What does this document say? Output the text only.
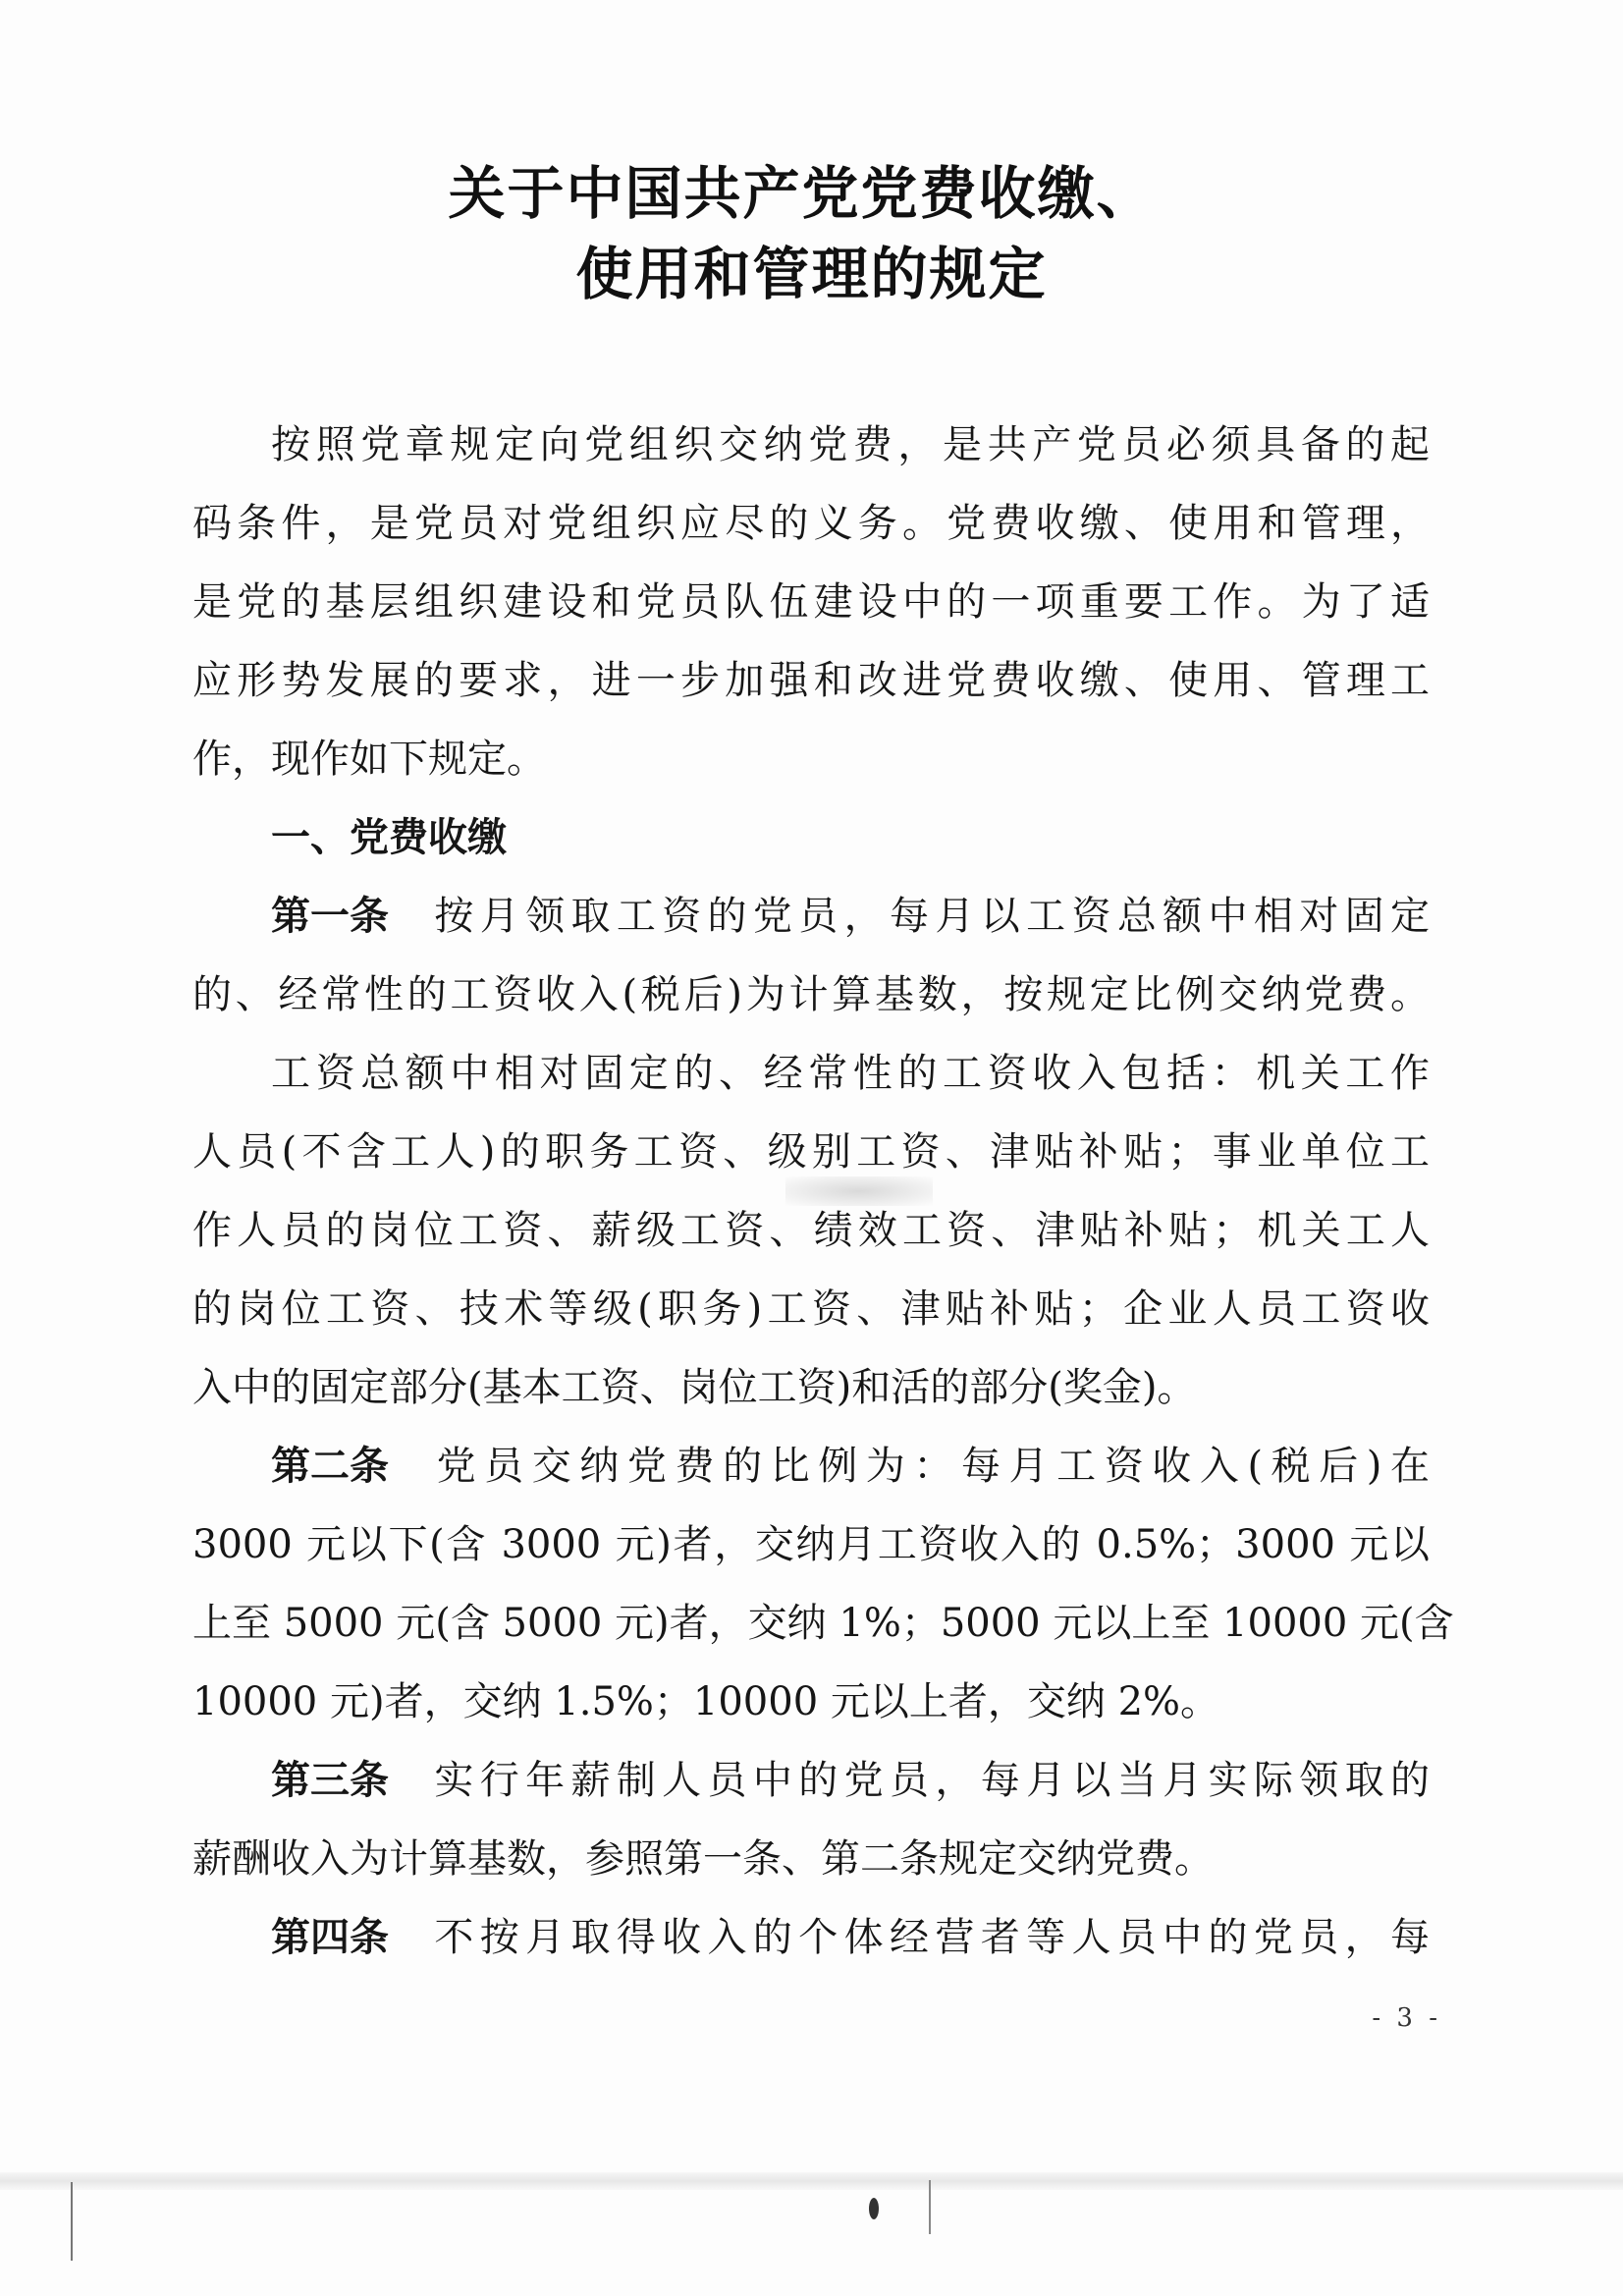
关于中国共产党党费收缴、
使用和管理的规定
按照党章规定向党组织交纳党费，是共产党员必须具备的起
码条件，是党员对党组织应尽的义务。党费收缴、使用和管理，
是党的基层组织建设和党员队伍建设中的一项重要工作。为了适
应形势发展的要求，进一步加强和改进党费收缴、使用、管理工
作，现作如下规定。
一、党费收缴
第一条 按月领取工资的党员，每月以工资总额中相对固定
的、经常性的工资收入(税后)为计算基数，按规定比例交纳党费。
工资总额中相对固定的、经常性的工资收入包括：机关工作
人员(不含工人)的职务工资、级别工资、津贴补贴；事业单位工
作人员的岗位工资、薪级工资、绩效工资、津贴补贴；机关工人
的岗位工资、技术等级(职务)工资、津贴补贴；企业人员工资收
入中的固定部分(基本工资、岗位工资)和活的部分(奖金)。
第二条 党员交纳党费的比例为：每月工资收入(税后)在
3000 元以下(含 3000 元)者，交纳月工资收入的 0.5%；3000 元以
上至 5000 元(含 5000 元)者，交纳 1%；5000 元以上至 10000 元(含
10000 元)者，交纳 1.5%；10000 元以上者，交纳 2%。
第三条 实行年薪制人员中的党员，每月以当月实际领取的
薪酬收入为计算基数，参照第一条、第二条规定交纳党费。
第四条 不按月取得收入的个体经营者等人员中的党员，每
- 3 -
